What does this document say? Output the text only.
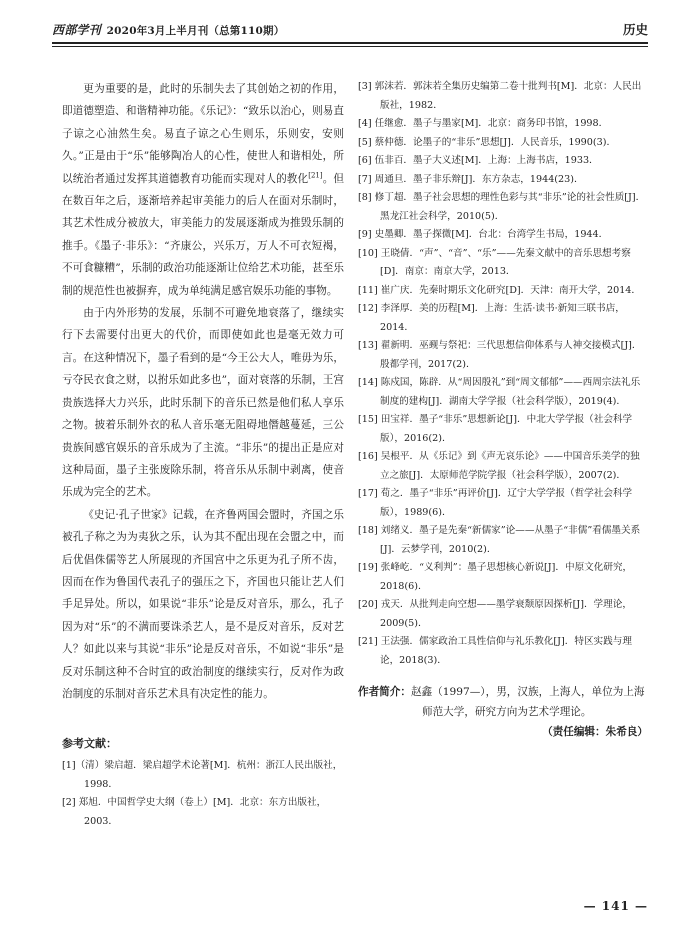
西部学刊 2020年3月上半月刊（总第110期）	历史

更为重要的是，此时的乐制失去了其创始之初的作用，即道德塑造、和谐精神功能。《乐记》：“致乐以治心，则易直子谅之心油然生矣。易直子谅之心生则乐，乐则安，安则久。”正是由于“乐”能够陶冶人的心性，使世人和谐相处，所以统治者通过发挥其道德教育功能而实现对人的教化[21]。但在数百年之后，逐渐培养起审美能力的后人在面对乐制时，其艺术性成分被放大，审美能力的发展逐渐成为推毁乐制的推手。《墨子·非乐》：“齐康公，兴乐万，万人不可衣短褐，不可食糠糟”，乐制的政治功能逐渐让位给艺术功能，甚至乐制的规范性也被摒弃，成为单纯满足感官娱乐功能的事物。

由于内外形势的发展，乐制不可避免地衰落了，继续实行下去需要付出更大的代价，而即使如此也是毫无效力可言。在这种情况下，墨子看到的是“今王公大人，唯毋为乐，亏夺民衣食之财，以拊乐如此多也”，面对衰落的乐制，王宫贵族选择大力兴乐，此时乐制下的音乐已然是他们私人享乐之物。披着乐制外衣的私人音乐毫无阻碍地僭越蔓延，三公贵族间感官娱乐的音乐成为了主流。“非乐”的提出正是应对这种局面，墨子主张废除乐制，将音乐从乐制中剥离，使音乐成为完全的艺术。

《史记·孔子世家》记载，在齐鲁两国会盟时，齐国之乐被孔子称之为为夷狄之乐，认为其不配出现在会盟之中，而后优倡侏儒等艺人所展现的齐国宫中之乐更为孔子所不齿，因而在作为鲁国代表孔子的强压之下，齐国也只能让艺人们手足异处。所以，如果说“非乐”论是反对音乐，那么，孔子因为对“乐”的不满而要诛杀艺人，是不是反对音乐，反对艺人？如此以来与其说“非乐”论是反对音乐，不如说“非乐”是反对乐制这种不合时宜的政治制度的继续实行，反对作为政治制度的乐制对音乐艺术具有决定性的能力。

参考文献：
[1]（清）梁启超．梁启超学术论著[M]．杭州：浙江人民出版社，1998．
[2] 郑旭．中国哲学史大纲（卷上）[M]．北京：东方出版社，2003．
[3] 郭沫若．郭沫若全集历史编第二卷十批判书[M]．北京：人民出版社，1982．
[4] 任继愈．墨子与墨家[M]．北京：商务印书馆，1998．
[5] 蔡仲德．论墨子的“非乐”思想[J]．人民音乐，1990(3)．
[6] 伍非百．墨子大义述[M]．上海：上海书店，1933．
[7] 周通旦．墨子非乐辩[J]．东方杂志，1944(23)．
[8] 修丁超．墨子社会思想的理性色彩与其“非乐”论的社会性质[J]．黑龙江社会科学，2010(5)．
[9] 史墨卿．墨子探微[M]．台北：台湾学生书局，1944．
[10] 王晓倩．“声”、“音”、“乐”——先秦文献中的音乐思想考察[D]．南京：南京大学，2013．
[11] 崔广庆．先秦时期乐文化研究[D]．天津：南开大学，2014．
[12] 李泽厚．美的历程[M]．上海：生活·读书·新知三联书店，2014．
[13] 翟新明．巫觋与祭祀：三代思想信仰体系与人神交接模式[J]．殷都学刊，2017(2)．
[14] 陈戍国，陈辟．从“周因殷礼”到“周文郁郁”——西周宗法礼乐制度的建构[J]．湖南大学学报（社会科学版），2019(4)．
[15] 田宝祥．墨子“非乐”思想新论[J]．中北大学学报（社会科学版），2016(2)．
[16] 吴根平．从《乐记》到《声无哀乐论》——中国音乐美学的独立之旅[J]．太原师范学院学报（社会科学版），2007(2)．
[17] 荀之．墨子“非乐”再评价[J]．辽宁大学学报（哲学社会科学版），1989(6)．
[18] 刘绪义．墨子是先秦“新儒家”论——从墨子“非儒”看儒墨关系[J]．云梦学刊，2010(2)．
[19] 张峰屹．“义利判”：墨子思想核心新说[J]．中原文化研究，2018(6)．
[20] 戎天．从批判走向空想——墨学衰颓原因探析[J]．学理论，2009(5)．
[21] 王法强．儒家政治工具性信仰与礼乐教化[J]．特区实践与理论，2018(3)．
作者简介：赵鑫（1997—），男，汉族，上海人，单位为上海师范大学，研究方向为艺术学理论。
（责任编辑：朱希良）
— 141 —
